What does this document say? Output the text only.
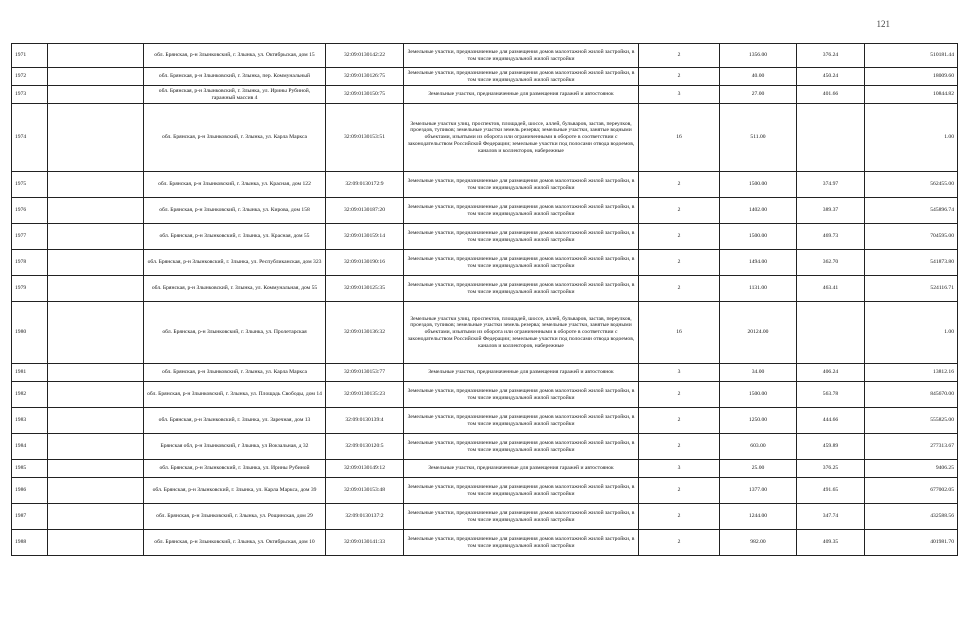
121
1971		обл. Брянская, р-н Злынковский, г. Злынка, ул. Октябрьская, дом 15	32:09:0130142:22	Земельные участки, предназначенные для размещения домов малоэтажной жилой застройки, в том числе индивидуальной жилой застройки	2	1356.00	376.24	510181.44
1972		обл. Брянская, р-н Злынковский, г. Злынка, пер. Коммунальный	32:09:0130126:75	Земельные участки, предназначенные для размещения домов малоэтажной жилой застройки, в том числе индивидуальной жилой застройки	2	40.00	450.24	18009.60
1973		обл. Брянская, р-н Злынковский, г. Злынка, ул. Ирины Рубиной, гаражный массив 4	32:09:0130150:75	Земельные участки, предназначенные для размещения гаражей и автостоянок	3	27.00	401.66	10844.82
1974		обл. Брянская, р-н Злынковский, г. Злынка, ул. Карла Маркса	32:09:0130153:51	Земельные участки улиц, проспектов, площадей, шоссе, аллей, бульваров, застав, переулков, проездов, тупиков; земельные участки земель резерва; земельные участки, занятые водными объектами, изъятыми из оборота или ограниченными в обороте в соответствии с законодательством Российской Федерации; земельные участки под полосами отвода водоемов, каналов и коллекторов, набережные	16	511.00		1.00
1975		обл. Брянская, р-н Злынковский, г. Злынка, ул. Красная, дом 122	32:09:0130172:9	Земельные участки, предназначенные для размещения домов малоэтажной жилой застройки, в том числе индивидуальной жилой застройки	2	1500.00	374.97	562455.00
1976		обл. Брянская, р-н Злынковский, г. Злынка, ул. Кирова, дом 158	32:09:0130187:20	Земельные участки, предназначенные для размещения домов малоэтажной жилой застройки, в том числе индивидуальной жилой застройки	2	1402.00	389.37	545896.74
1977		обл. Брянская, р-н Злынковский, г. Злынка, ул. Красная, дом 55	32:09:0130159:14	Земельные участки, предназначенные для размещения домов малоэтажной жилой застройки, в том числе индивидуальной жилой застройки	2	1500.00	469.73	704595.00
1978		обл. Брянская, р-н Злынковский, г. Злынка, ул. Республиканская, дом 323	32:09:0130190:16	Земельные участки, предназначенные для размещения домов малоэтажной жилой застройки, в том числе индивидуальной жилой застройки	2	1494.00	362.70	541873.80
1979		обл. Брянская, р-н Злынковский, г. Злынка, ул. Коммунальная, дом 55	32:09:0130125:35	Земельные участки, предназначенные для размещения домов малоэтажной жилой застройки, в том числе индивидуальной жилой застройки	2	1131.00	463.41	524116.71
1980		обл. Брянская, р-н Злынковский, г. Злынка, ул. Пролетарская	32:09:0130136:32	Земельные участки улиц, проспектов, площадей, шоссе, аллей, бульваров, застав, переулков, проездов, тупиков; земельные участки земель резерва; земельные участки, занятые водными объектами, изъятыми из оборота или ограниченными в обороте в соответствии с законодательством Российской Федерации; земельные участки под полосами отвода водоемов, каналов и коллекторов, набережные	16	20124.00		1.00
1981		обл. Брянская, р-н Злынковский, г. Злынка, ул. Карла Маркса	32:09:0130153:77	Земельные участки, предназначенные для размещения гаражей и автостоянок	3	34.00	406.24	13812.16
1982		обл. Брянская, р-н Злынковский, г. Злынка, ул. Площадь Свободы, дом 14	32:09:0130135:23	Земельные участки, предназначенные для размещения домов малоэтажной жилой застройки, в том числе индивидуальной жилой застройки	2	1500.00	563.78	845670.00
1983		обл. Брянская, р-н Злынковский, г. Злынка, ул. Заречная, дом 13	32:09:0130139:4	Земельные участки, предназначенные для размещения домов малоэтажной жилой застройки, в том числе индивидуальной жилой застройки	2	1250.00	444.66	555825.00
1984		Брянская обл, р-н Злынковский, г Злынка, ул Вокзальная, д 32	32:09:0130120:5	Земельные участки, предназначенные для размещения домов малоэтажной жилой застройки, в том числе индивидуальной жилой застройки	2	603.00	459.89	277313.67
1985		обл. Брянская, р-н Злынковский, г. Злынка, ул. Ирины Рубиной	32:09:0130149:12	Земельные участки, предназначенные для размещения гаражей и автостоянок	3	25.00	376.25	9406.25
1986		обл. Брянская, р-н Злынковский, г. Злынка, ул. Карла Маркса, дом 39	32:09:0130153:48	Земельные участки, предназначенные для размещения домов малоэтажной жилой застройки, в том числе индивидуальной жилой застройки	2	1377.00	491.65	677002.05
1987		обл. Брянская, р-н Злынковский, г. Злынка, ул. Рощинская, дом 29	32:09:0130137:2	Земельные участки, предназначенные для размещения домов малоэтажной жилой застройки, в том числе индивидуальной жилой застройки	2	1244.00	347.74	432588.56
1988		обл. Брянская, р-н Злынковский, г. Злынка, ул. Октябрьская, дом 10	32:09:0130141:33	Земельные участки, предназначенные для размещения домов малоэтажной жилой застройки, в том числе индивидуальной жилой застройки	2	982.00	409.35	401981.70
